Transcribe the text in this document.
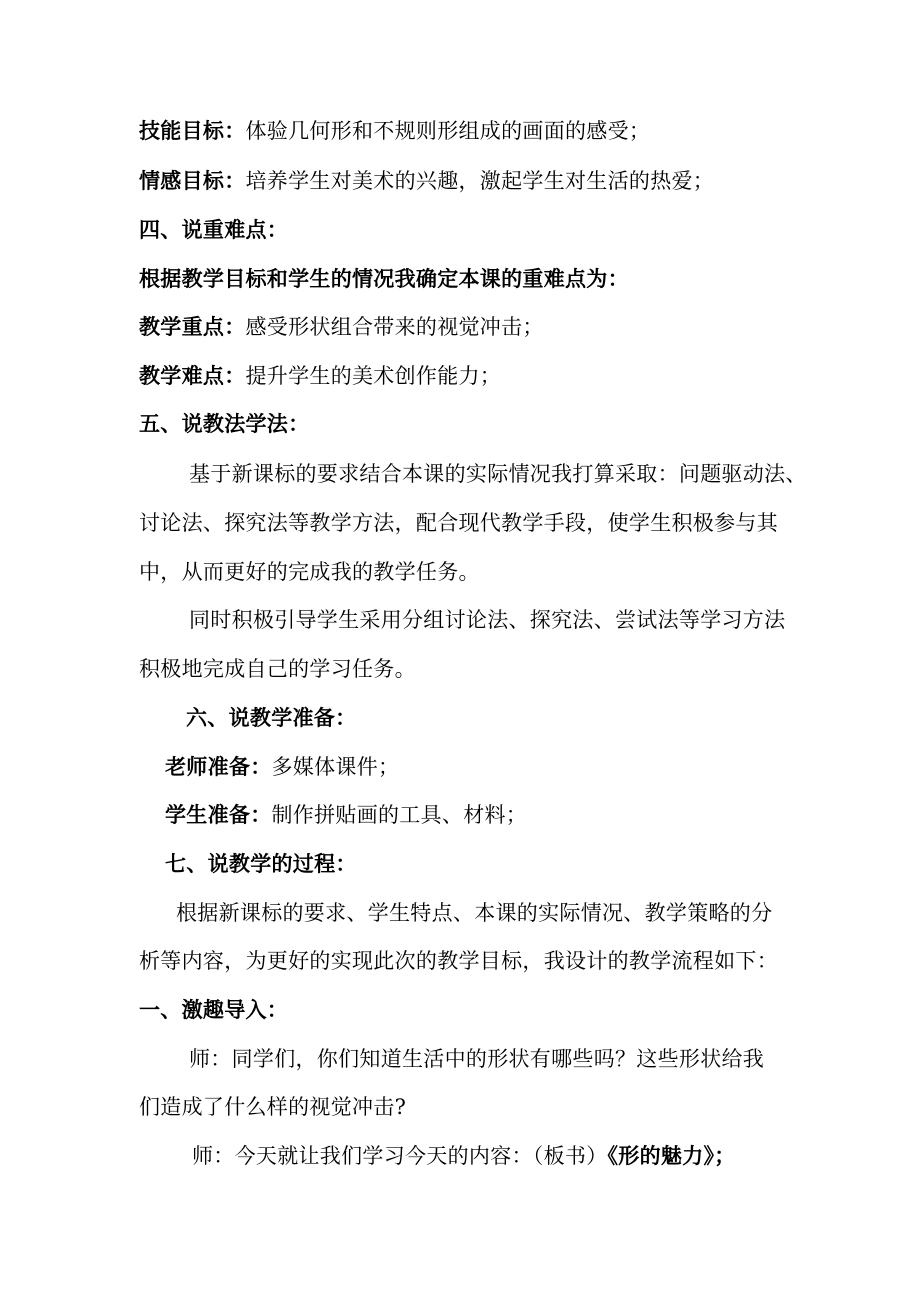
技能目标：体验几何形和不规则形组成的画面的感受；
情感目标：培养学生对美术的兴趣，激起学生对生活的热爱；
四、说重难点：
根据教学目标和学生的情况我确定本课的重难点为：
教学重点：感受形状组合带来的视觉冲击；
教学难点：提升学生的美术创作能力；
五、说教法学法：
基于新课标的要求结合本课的实际情况我打算采取：问题驱动法、
讨论法、探究法等教学方法，配合现代教学手段，使学生积极参与其
中，从而更好的完成我的教学任务。
同时积极引导学生采用分组讨论法、探究法、尝试法等学习方法
积极地完成自己的学习任务。
六、说教学准备：
老师准备：多媒体课件；
学生准备：制作拼贴画的工具、材料；
七、说教学的过程：
根据新课标的要求、学生特点、本课的实际情况、教学策略的分
析等内容，为更好的实现此次的教学目标，我设计的教学流程如下：
一、激趣导入：
师：同学们，你们知道生活中的形状有哪些吗？这些形状给我
们造成了什么样的视觉冲击?
师：今天就让我们学习今天的内容：（板书）《形的魅力》；
